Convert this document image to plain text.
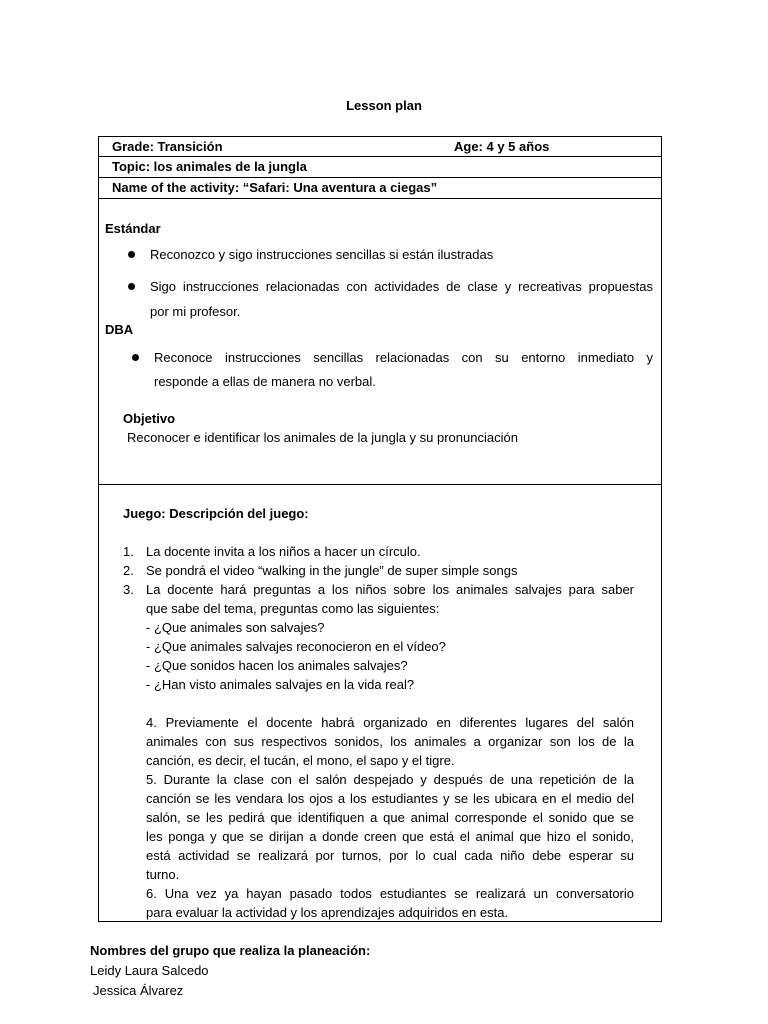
Lesson plan
Grade: Transición	Age: 4 y 5 años
Topic: los animales de la jungla
Name of the activity: “Safari: Una aventura a ciegas”
Estándar
Reconozco y sigo instrucciones sencillas si están ilustradas
Sigo instrucciones relacionadas con actividades de clase y recreativas propuestas
por mi profesor.
DBA
Reconoce instrucciones sencillas relacionadas con su entorno inmediato y
responde a ellas de manera no verbal.
Objetivo
Reconocer e identificar los animales de la jungla y su pronunciación
Juego: Descripción del juego:
1. La docente invita a los niños a hacer un círculo.
2. Se pondrá el video “walking in the jungle” de super simple songs
3. La docente hará preguntas a los niños sobre los animales salvajes para saber
que sabe del tema, preguntas como las siguientes:
- ¿Que animales son salvajes?
- ¿Que animales salvajes reconocieron en el vídeo?
- ¿Que sonidos hacen los animales salvajes?
- ¿Han visto animales salvajes en la vida real?
4. Previamente el docente habrá organizado en diferentes lugares del salón
animales con sus respectivos sonidos, los animales a organizar son los de la
canción, es decir, el tucán, el mono, el sapo y el tigre.
5. Durante la clase con el salón despejado y después de una repetición de la
canción se les vendara los ojos a los estudiantes y se les ubicara en el medio del
salón, se les pedirá que identifiquen a que animal corresponde el sonido que se
les ponga y que se dirijan a donde creen que está el animal que hizo el sonido,
está actividad se realizará por turnos, por lo cual cada niño debe esperar su
turno.
6. Una vez ya hayan pasado todos estudiantes se realizará un conversatorio
para evaluar la actividad y los aprendizajes adquiridos en esta.
Nombres del grupo que realiza la planeación:
Leidy Laura Salcedo
Jessica Álvarez
